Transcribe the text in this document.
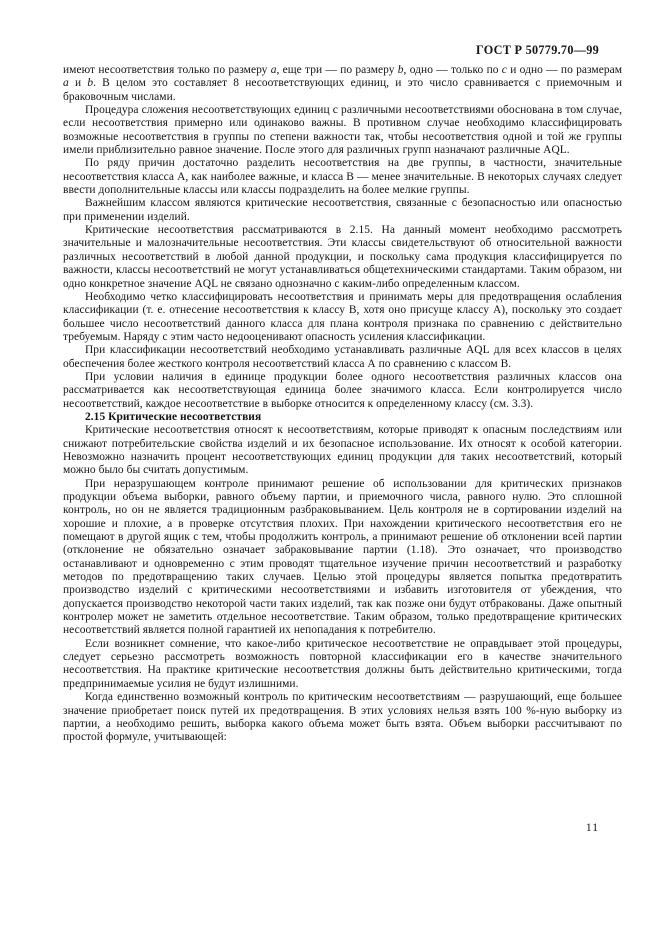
ГОСТ Р 50779.70—99

имеют несоответствия только по размеру a, еще три — по размеру b, одно — только по c и одно — по размерам a и b. В целом это составляет 8 несоответствующих единиц, и это число сравнивается с приемочным и браковочным числами.

Процедура сложения несоответствующих единиц с различными несоответствиями обоснована в том случае, если несоответствия примерно или одинаково важны. В противном случае необходимо классифицировать возможные несоответствия в группы по степени важности так, чтобы несоответствия одной и той же группы имели приблизительно равное значение. После этого для различных групп назначают различные AQL.

По ряду причин достаточно разделить несоответствия на две группы, в частности, значительные несоответствия класса А, как наиболее важные, и класса В — менее значительные. В некоторых случаях следует ввести дополнительные классы или классы подразделить на более мелкие группы.

Важнейшим классом являются критические несоответствия, связанные с безопасностью или опасностью при применении изделий.

Критические несоответствия рассматриваются в 2.15. На данный момент необходимо рассмотреть значительные и малозначительные несоответствия. Эти классы свидетельствуют об относительной важности различных несоответствий в любой данной продукции, и поскольку сама продукция классифицируется по важности, классы несоответствий не могут устанавливаться общетехническими стандартами. Таким образом, ни одно конкретное значение AQL не связано однозначно с каким-либо определенным классом.

Необходимо четко классифицировать несоответствия и принимать меры для предотвращения ослабления классификации (т. е. отнесение несоответствия к классу В, хотя оно присуще классу А), поскольку это создает большее число несоответствий данного класса для плана контроля признака по сравнению с действительно требуемым. Наряду с этим часто недооценивают опасность усиления классификации.

При классификации несоответствий необходимо устанавливать различные AQL для всех классов в целях обеспечения более жесткого контроля несоответствий класса А по сравнению с классом В.

При условии наличия в единице продукции более одного несоответствия различных классов она рассматривается как несоответствующая единица более значимого класса. Если контролируется число несоответствий, каждое несоответствие в выборке относится к определенному классу (см. 3.3).

2.15 Критические несоответствия

Критические несоответствия относят к несоответствиям, которые приводят к опасным последствиям или снижают потребительские свойства изделий и их безопасное использование. Их относят к особой категории. Невозможно назначить процент несоответствующих единиц продукции для таких несоответствий, который можно было бы считать допустимым.

При неразрушающем контроле принимают решение об использовании для критических признаков продукции объема выборки, равного объему партии, и приемочного числа, равного нулю. Это сплошной контроль, но он не является традиционным разбраковыванием. Цель контроля не в сортировании изделий на хорошие и плохие, а в проверке отсутствия плохих. При нахождении критического несоответствия его не помещают в другой ящик с тем, чтобы продолжить контроль, а принимают решение об отклонении всей партии (отклонение не обязательно означает забраковывание партии (1.18). Это означает, что производство останавливают и одновременно с этим проводят тщательное изучение причин несоответствий и разработку методов по предотвращению таких случаев. Целью этой процедуры является попытка предотвратить производство изделий с критическими несоответствиями и избавить изготовителя от убеждения, что допускается производство некоторой части таких изделий, так как позже они будут отбракованы. Даже опытный контролер может не заметить отдельное несоответствие. Таким образом, только предотвращение критических несоответствий является полной гарантией их непопадания к потребителю.

Если возникнет сомнение, что какое-либо критическое несоответствие не оправдывает этой процедуры, следует серьезно рассмотреть возможность повторной классификации его в качестве значительного несоответствия. На практике критические несоответствия должны быть действительно критическими, тогда предпринимаемые усилия не будут излишними.

Когда единственно возможный контроль по критическим несоответствиям — разрушающий, еще большее значение приобретает поиск путей их предотвращения. В этих условиях нельзя взять 100 %-ную выборку из партии, а необходимо решить, выборка какого объема может быть взята. Объем выборки рассчитывают по простой формуле, учитывающей:

11
